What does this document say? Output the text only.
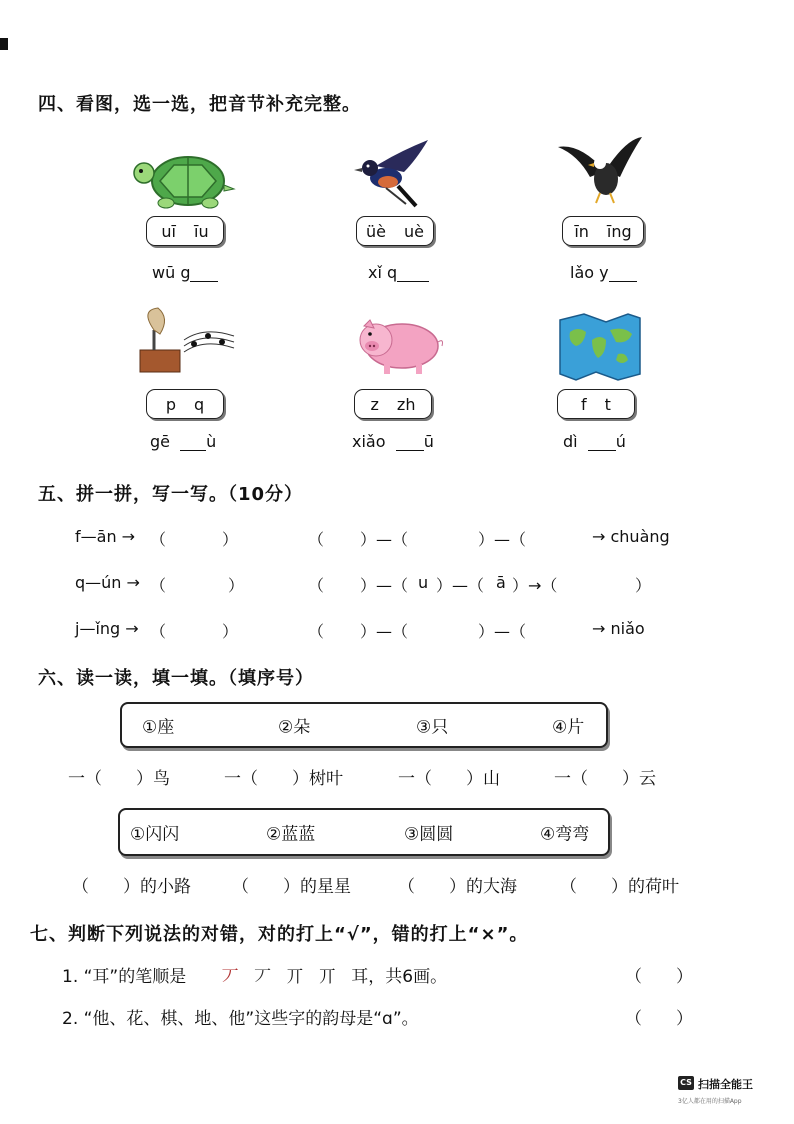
四、看图，选一选，把音节补充完整。
uī īu	üè uè	īn īng
wū g	xǐ q	lǎo y
p q	z zh	f t
gē ù	xiǎo ū	dì ú
五、拼一拼，写一写。（10分）
f—ān → （	）	（ ）—（	）—（	→ chuàng
q—ún → （	）	（ ）—（ u ）—（ ā ）→（	）
j—ǐng → （	）	（ ）—（	）—（	→ niǎo
六、读一读，填一填。（填序号）
①座	②朵	③只	④片
一（　　）鸟	一（　　）树叶	一（　　）山	一（　　）云
①闪闪	②蓝蓝	③圆圆	④弯弯
（　　）的小路 （　　）的星星	（　　）的大海	（　　）的荷叶
七、判断下列说法的对错，对的打上“√”，错的打上“×”。
1. “耳”的笔顺是 丆 丆 丌 丌 耳，共6画。	（　　）
2. “他、花、棋、地、他”这些字的韵母是“ɑ”。	（　　）
CS 扫描全能王
3亿人都在用的扫描App
